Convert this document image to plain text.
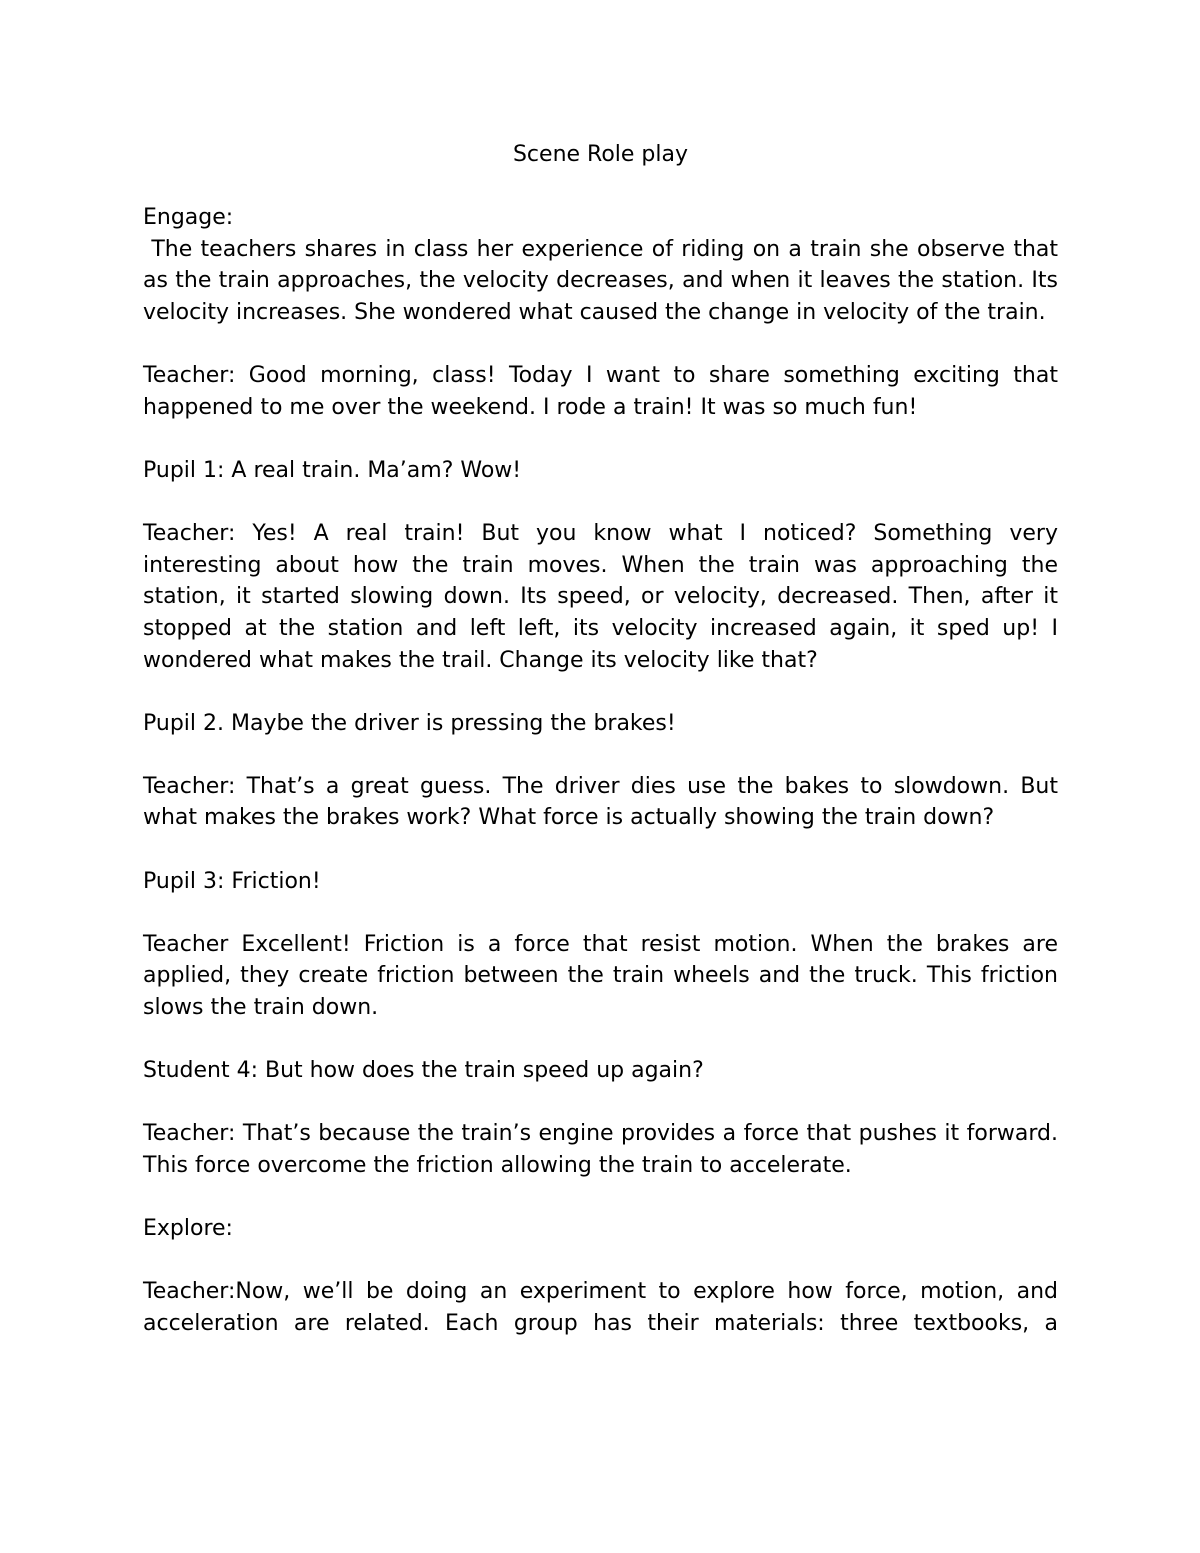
Scene Role play

Engage:

The teachers shares in class her experience of riding on a train she observe that as the train approaches, the velocity decreases, and when it leaves the station. Its velocity increases. She wondered what caused the change in velocity of the train.

Teacher: Good morning, class! Today I want to share something exciting that happened to me over the weekend. I rode a train! It was so much fun!

Pupil 1: A real train. Ma’am? Wow!

Teacher: Yes! A real train! But you know what I noticed? Something very interesting about how the train moves. When the train was approaching the station, it started slowing down. Its speed, or velocity, decreased. Then, after it stopped at the station and left left, its velocity increased again, it sped up! I wondered what makes the trail. Change its velocity like that?

Pupil 2. Maybe the driver is pressing the brakes!

Teacher: That’s a great guess. The driver dies use the bakes to slowdown. But what makes the brakes work? What force is actually showing the train down?

Pupil 3: Friction!

Teacher Excellent! Friction is a force that resist motion. When the brakes are applied, they create friction between the train wheels and the truck. This friction slows the train down.

Student 4: But how does the train speed up again?

Teacher: That’s because the train’s engine provides a force that pushes it forward. This force overcome the friction allowing the train to accelerate.

Explore:

Teacher:Now, we’ll be doing an experiment to explore how force, motion, and acceleration are related. Each group has their materials: three textbooks, a
